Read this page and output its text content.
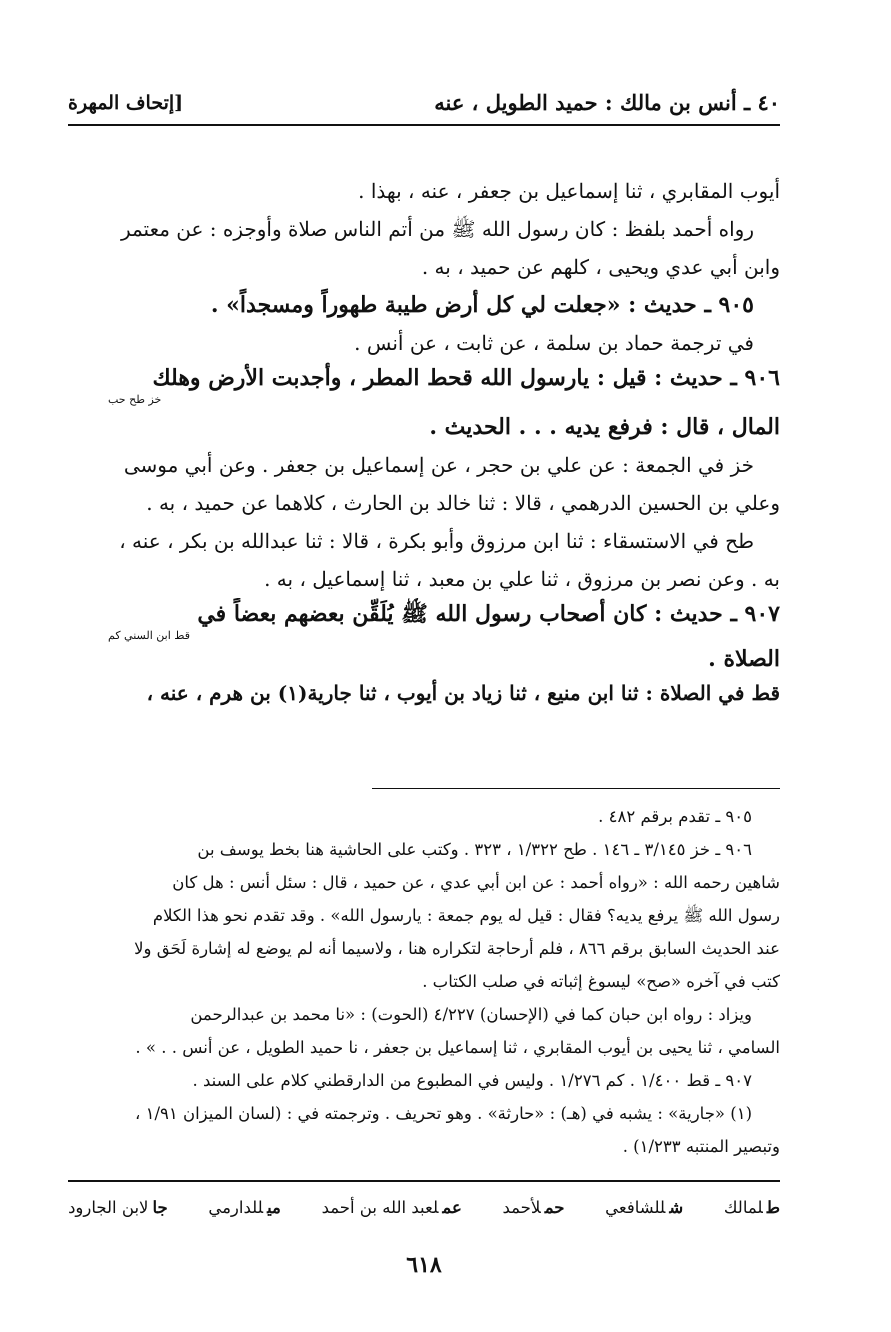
٤٠ ـ أنس بن مالك : حميد الطويل ، عنه
[إتحاف المهرة
أيوب المقابري ، ثنا إسماعيل بن جعفر ، عنه ، بهذا .
رواه أحمد بلفظ : كان رسول الله ﷺ من أتم الناس صلاة وأوجزه : عن معتمر
وابن أبي عدي ويحيى ، كلهم عن حميد ، به .
٩٠٥ ـ حديث : «جعلت لي كل أرض طيبة طهوراً ومسجداً» .
في ترجمة حماد بن سلمة ، عن ثابت ، عن أنس .
٩٠٦ ـ حديث : قيل : يارسول الله قحط المطر ، وأجدبت الأرض وهلك
خز طح حب
المال ، قال : فرفع يديه . . . الحديث .
خز في الجمعة : عن علي بن حجر ، عن إسماعيل بن جعفر . وعن أبي موسى
وعلي بن الحسين الدرهمي ، قالا : ثنا خالد بن الحارث ، كلاهما عن حميد ، به .
طح في الاستسقاء : ثنا ابن مرزوق وأبو بكرة ، قالا : ثنا عبدالله بن بكر ، عنه ،
به . وعن نصر بن مرزوق ، ثنا علي بن معبد ، ثنا إسماعيل ، به .
٩٠٧ ـ حديث : كان أصحاب رسول الله ﷺ يُلَقِّن بعضهم بعضاً في
قط ابن السني كم
الصلاة .
قط في الصلاة : ثنا ابن منيع ، ثنا زياد بن أيوب ، ثنا جارية(١) بن هرم ، عنه ،
٩٠٥ ـ تقدم برقم ٤٨٢ .
٩٠٦ ـ خز ٣/١٤٥ ـ ١٤٦ . طح ١/٣٢٢ ، ٣٢٣ . وكتب على الحاشية هنا بخط يوسف بن
شاهين رحمه الله : «رواه أحمد : عن ابن أبي عدي ، عن حميد ، قال : سئل أنس : هل كان
رسول الله ﷺ يرفع يديه؟ فقال : قيل له يوم جمعة : يارسول الله» . وقد تقدم نحو هذا الكلام
عند الحديث السابق برقم ٨٦٦ ، فلم أرحاجة لتكراره هنا ، ولاسيما أنه لم يوضع له إشارة لَحَق ولا
كتب في آخره «صح» ليسوغ إثباته في صلب الكتاب .
ويزاد : رواه ابن حبان كما في (الإحسان) ٤/٢٢٧ (الحوت) : «نا محمد بن عبدالرحمن
السامي ، ثنا يحيى بن أيوب المقابري ، ثنا إسماعيل بن جعفر ، نا حميد الطويل ، عن أنس . . » .
٩٠٧ ـ قط ١/٤٠٠ . كم ١/٢٧٦ . وليس في المطبوع من الدارقطني كلام على السند .
(١) «جارية» : يشبه في (هـ) : «حارثة» . وهو تحريف . وترجمته في : (لسان الميزان ١/٩١ ،
وتبصير المنتبه ١/٢٣٣) .
طلمالك
شللشافعي
حملأحمد
عملعبد الله بن أحمد
ميللدارمي
جالابن الجارود
٦١٨
